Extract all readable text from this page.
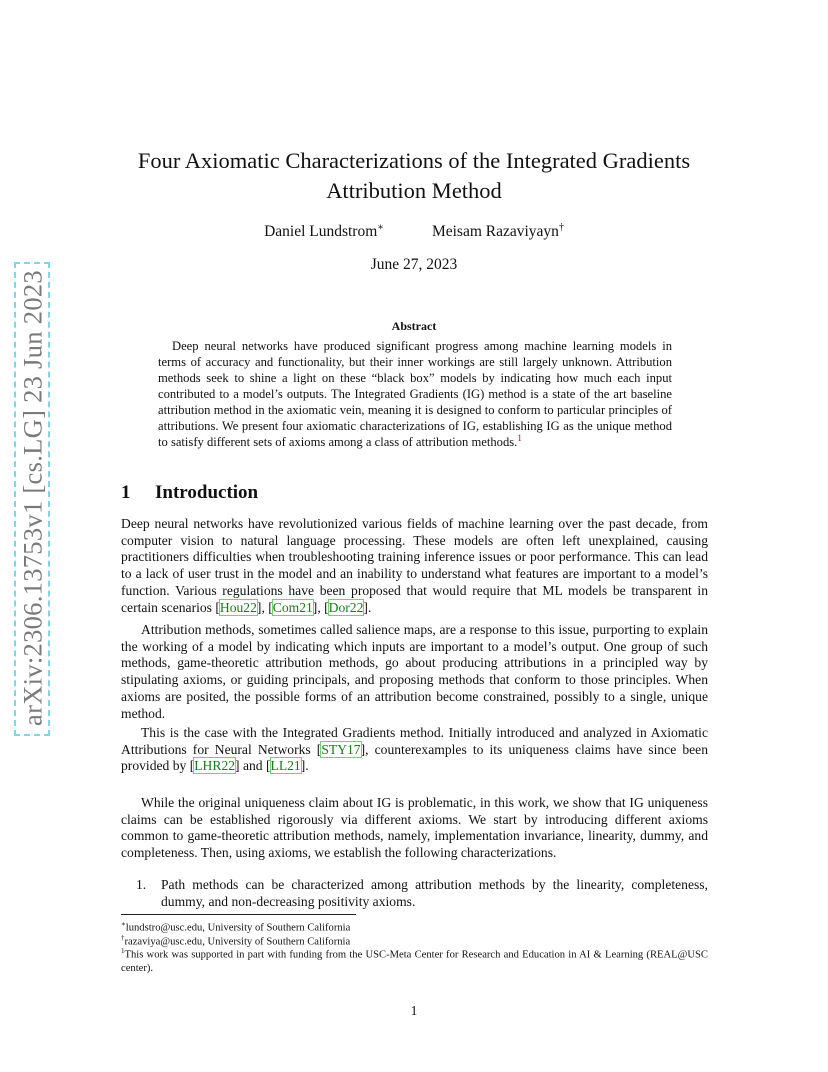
arXiv:2306.13753v1 [cs.LG] 23 Jun 2023
Four Axiomatic Characterizations of the Integrated Gradients Attribution Method
Daniel Lundstrom∗	Meisam Razaviyayn†
June 27, 2023
Abstract

Deep neural networks have produced significant progress among machine learning models in terms of accuracy and functionality, but their inner workings are still largely unknown. Attribution methods seek to shine a light on these “black box” models by indicating how much each input contributed to a model’s outputs. The Integrated Gradients (IG) method is a state of the art baseline attribution method in the axiomatic vein, meaning it is designed to conform to particular principles of attributions. We present four axiomatic characterizations of IG, establishing IG as the unique method to satisfy different sets of axioms among a class of attribution methods.$^1$

1 Introduction

Deep neural networks have revolutionized various fields of machine learning over the past decade, from computer vision to natural language processing. These models are often left unexplained, causing practitioners difficulties when troubleshooting training inference issues or poor performance. This can lead to a lack of user trust in the model and an inability to understand what features are important to a model’s function. Various regulations have been proposed that would require that ML models be transparent in certain scenarios [Hou22], [Com21], [Dor22].

Attribution methods, sometimes called salience maps, are a response to this issue, purporting to explain the working of a model by indicating which inputs are important to a model’s output. One group of such methods, game-theoretic attribution methods, go about producing attributions in a principled way by stipulating axioms, or guiding principals, and proposing methods that conform to those principles. When axioms are posited, the possible forms of an attribution become constrained, possibly to a single, unique method.

This is the case with the Integrated Gradients method. Initially introduced and analyzed in Axiomatic Attributions for Neural Networks [STY17], counterexamples to its uniqueness claims have since been provided by [LHR22] and [LL21].

While the original uniqueness claim about IG is problematic, in this work, we show that IG uniqueness claims can be established rigorously via different axioms. We start by introducing different axioms common to game-theoretic attribution methods, namely, implementation invariance, linearity, dummy, and completeness. Then, using axioms, we establish the following characterizations.

1. Path methods can be characterized among attribution methods by the linearity, completeness, dummy, and non-decreasing positivity axioms.
∗lundstro@usc.edu, University of Southern California
†razaviya@usc.edu, University of Southern California
$^1$This work was supported in part with funding from the USC-Meta Center for Research and Education in AI & Learning (REAL@USC center).
1
